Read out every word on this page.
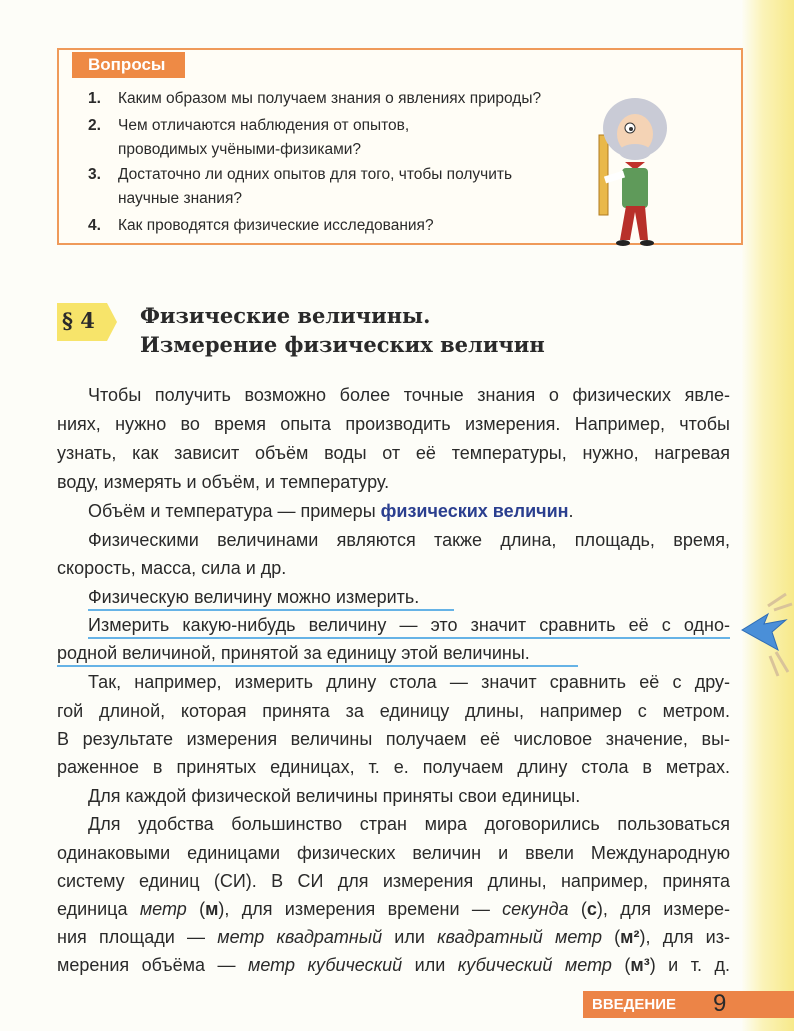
Вопросы
1. Каким образом мы получаем знания о явлениях природы?
2. Чем отличаются наблюдения от опытов,
проводимых учёными-физиками?
3. Достаточно ли одних опытов для того, чтобы получить
научные знания?
4. Как проводятся физические исследования?
§ 4 Физические величины.
Измерение физических величин
Чтобы получить возможно более точные знания о физических явле-
ниях, нужно во время опыта производить измерения. Например, чтобы
узнать, как зависит объём воды от её температуры, нужно, нагревая
воду, измерять и объём, и температуру.
Объём и температура — примеры физических величин.
Физическими величинами являются также длина, площадь, время,
скорость, масса, сила и др.
Физическую величину можно измерить.
Измерить какую-нибудь величину — это значит сравнить её с одно-
родной величиной, принятой за единицу этой величины.
Так, например, измерить длину стола — значит сравнить её с дру-
гой длиной, которая принята за единицу длины, например с метром.
В результате измерения величины получаем её числовое значение, вы-
раженное в принятых единицах, т. е. получаем длину стола в метрах.
Для каждой физической величины приняты свои единицы.
Для удобства большинство стран мира договорились пользоваться
одинаковыми единицами физических величин и ввели Международную
систему единиц (СИ). В СИ для измерения длины, например, принята
единица метр (м), для измерения времени — секунда (с), для измере-
ния площади — метр квадратный или квадратный метр (м²), для из-
мерения объёма — метр кубический или кубический метр (м³) и т. д.
ВВЕДЕНИЕ 9
